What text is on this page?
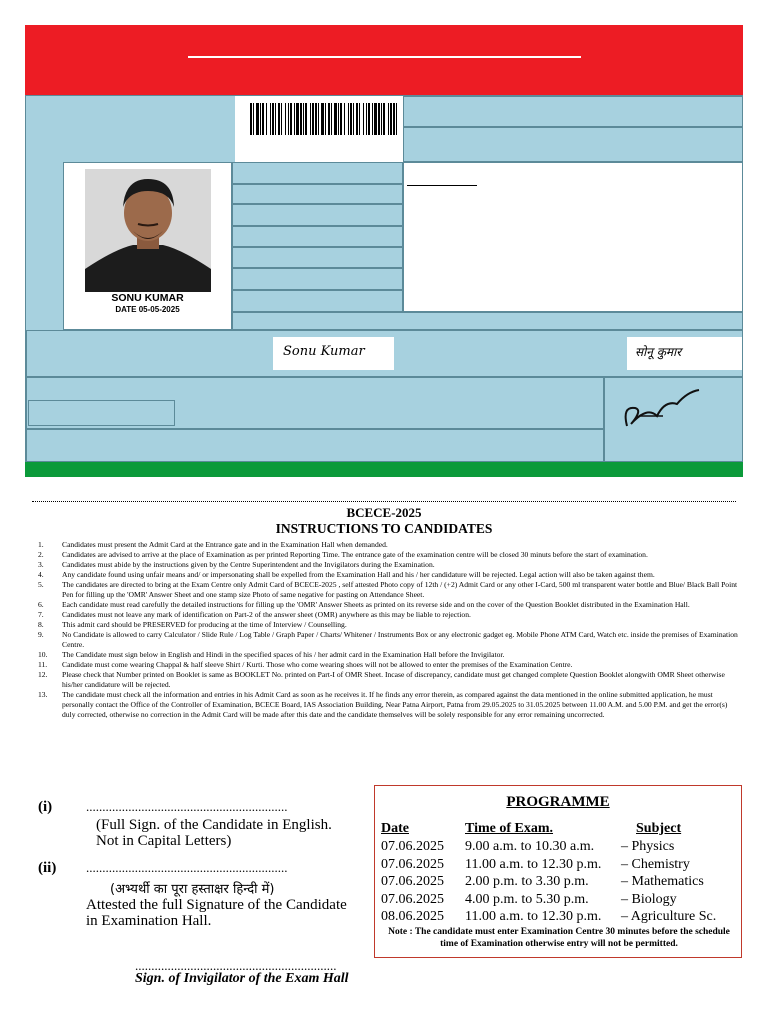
SONU KUMAR
DATE 05-05-2025
Sonu Kumar	सोनू कुमार
BCECE-2025
INSTRUCTIONS TO CANDIDATES
1.	Candidates must present the Admit Card at the Entrance gate and in the Examination Hall when demanded.
2.	Candidates are advised to arrive at the place of Examination as per printed Reporting Time. The entrance gate of the examination centre will be closed 30 minuts before the start of examination.
3.	Candidates must abide by the instructions given by the Centre Superintendent and the Invigilators during the Examination.
4.	Any candidate found using unfair means and/ or impersonating shall be expelled from the Examination Hall and his / her candidature will be rejected. Legal action will also be taken against them.
5.	The candidates are directed to bring at the Exam Centre only Admit Card of BCECE-2025 , self attested Photo copy of 12th / (+2) Admit Card or any other I-Card, 500 ml transparent water bottle and Blue/ Black Ball Point Pen for filling up the 'OMR' Answer Sheet and one stamp size Photo of same negative for pasting on Attendance Sheet.
6.	Each candidate must read carefully the detailed instructions for filling up the 'OMR' Answer Sheets as printed on its reverse side and on the cover of the Question Booklet distributed in the Examination Hall.
7.	Candidates must not leave any mark of identification on Part-2 of the answer sheet (OMR) anywhere as this may be liable to rejection.
8.	This admit card should be PRESERVED for producing at the time of Interview / Counselling.
9.	No Candidate is allowed to carry Calculator / Slide Rule / Log Table / Graph Paper / Charts/ Whitener / Instruments Box or any electronic gadget eg. Mobile Phone ATM Card, Watch etc. inside the premises of Examination Centre.
10.	The Candidate must sign below in English and Hindi in the specified spaces of his / her admit card in the Examination Hall before the Invigilator.
11.	Candidate must come wearing Chappal & half sleeve Shirt / Kurti. Those who come wearing shoes will not be allowed to enter the premises of the Examination Centre.
12.	Please check that Number printed on Booklet is same as BOOKLET No. printed on Part-I of OMR Sheet. Incase of discrepancy, candidate must get changed complete Question Booklet alongwith OMR Sheet otherwise his/her candidature will be rejected.
13.	The candidate must check all the information and entries in his Admit Card as soon as he receives it. If he finds any error therein, as compared against the data mentioned in the online submitted application, he must personally contact the Office of the Controller of Examination, BCECE Board, IAS Association Building, Near Patna Airport, Patna from 29.05.2025 to 31.05.2025 between 11.00 A.M. and 5.00 P.M. and get the error(s) duly corrected, otherwise no correction in the Admit Card will be made after this date and the candidate themselves will be solely responsible for any error remaining uncorrected.
(i)	..............................................................
(Full Sign. of the Candidate in English.
Not in Capital Letters)
(ii) ..............................................................
(अभ्यर्थी का पूरा हस्ताक्षर हिन्दी में)
Attested the full Signature of the Candidate
in Examination Hall.
..............................................................
Sign. of Invigilator of the Exam Hall
PROGRAMME
Date	Time of Exam.	Subject
07.06.2025 9.00 a.m. to 10.30 a.m. – Physics
07.06.2025 11.00 a.m. to 12.30 p.m. – Chemistry
07.06.2025 2.00 p.m. to 3.30 p.m. – Mathematics
07.06.2025 4.00 p.m. to 5.30 p.m. – Biology
08.06.2025 11.00 a.m. to 12.30 p.m. – Agriculture Sc.
Note : The candidate must enter Examination Centre 30 minutes before the schedule time of Examination otherwise entry will not be permitted.
